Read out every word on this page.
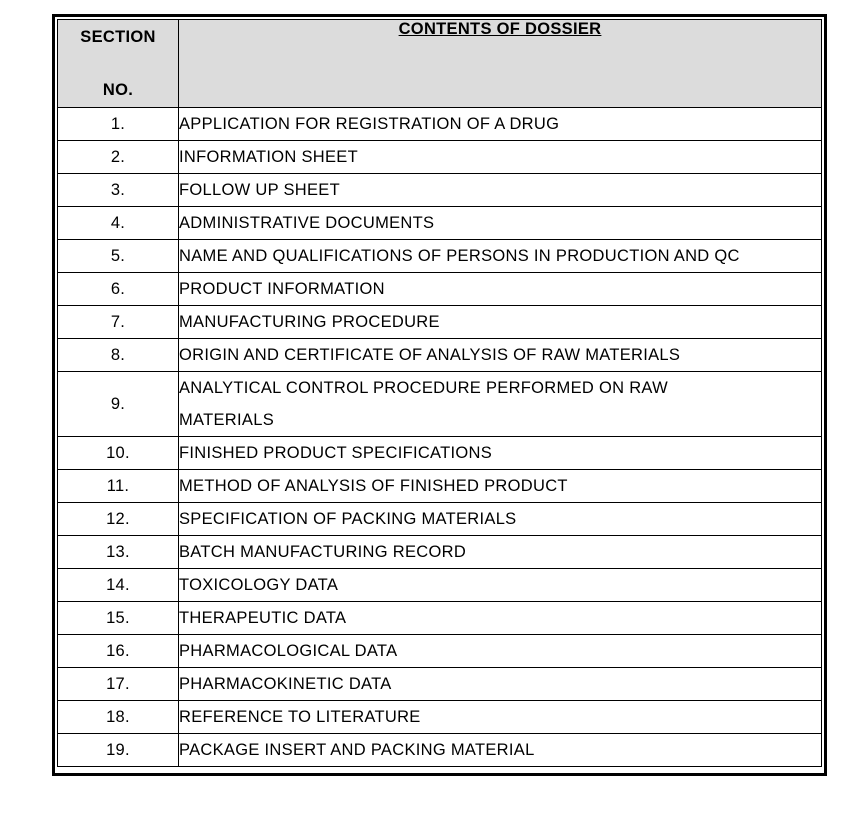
SECTION
NO.	CONTENTS OF DOSSIER
1.	APPLICATION FOR REGISTRATION OF A DRUG
2.	INFORMATION SHEET
3.	FOLLOW UP SHEET
4.	ADMINISTRATIVE DOCUMENTS
5.	NAME AND QUALIFICATIONS OF PERSONS IN PRODUCTION AND QC
6.	PRODUCT INFORMATION
7.	MANUFACTURING PROCEDURE
8.	ORIGIN AND CERTIFICATE OF ANALYSIS OF RAW MATERIALS
9.	ANALYTICAL CONTROL PROCEDURE PERFORMED ON RAW
MATERIALS
10.	FINISHED PRODUCT SPECIFICATIONS
11.	METHOD OF ANALYSIS OF FINISHED PRODUCT
12.	SPECIFICATION OF PACKING MATERIALS
13.	BATCH MANUFACTURING RECORD
14.	TOXICOLOGY DATA
15.	THERAPEUTIC DATA
16.	PHARMACOLOGICAL DATA
17.	PHARMACOKINETIC DATA
18.	REFERENCE TO LITERATURE
19.	PACKAGE INSERT AND PACKING MATERIAL
